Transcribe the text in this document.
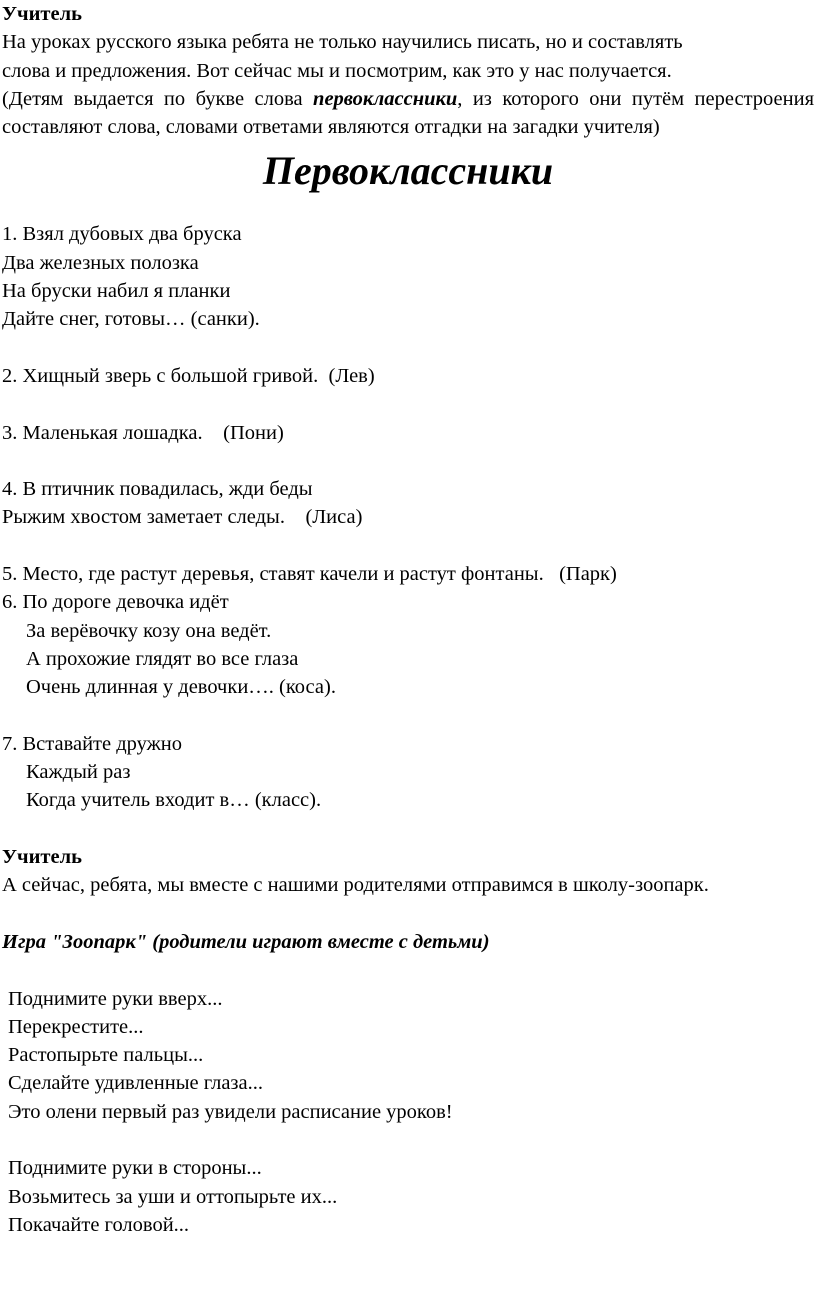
Учитель
На уроках русского языка ребята не только научились писать, но и составлять
слова и предложения. Вот сейчас мы и посмотрим, как это у нас получается.
(Детям выдается по букве слова первоклассники, из которого они путём перестроения составляют слова, словами ответами являются отгадки на загадки учителя)
Первоклассники
1. Взял дубовых два бруска
Два железных полозка
На бруски набил я планки
Дайте снег, готовы… (санки).
2. Хищный зверь с большой гривой.  (Лев)
3. Маленькая лошадка.    (Пони)
4. В птичник повадилась, жди беды
Рыжим хвостом заметает следы.    (Лиса)
5. Место, где растут деревья, ставят качели и растут фонтаны.   (Парк)
6. По дороге девочка идёт
За верёвочку козу она ведёт.
А прохожие глядят во все глаза
Очень длинная у девочки…. (коса).
7. Вставайте дружно
Каждый раз
Когда учитель входит в… (класс).
Учитель
А сейчас, ребята, мы вместе с нашими родителями отправимся в школу-зоопарк.
Игра "Зоопарк" (родители играют вместе с детьми)
Поднимите руки вверх...
Перекрестите...
Растопырьте пальцы...
Сделайте удивленные глаза...
Это олени первый раз увидели расписание уроков!
Поднимите руки в стороны...
Возьмитесь за уши и оттопырьте их...
Покачайте головой...
